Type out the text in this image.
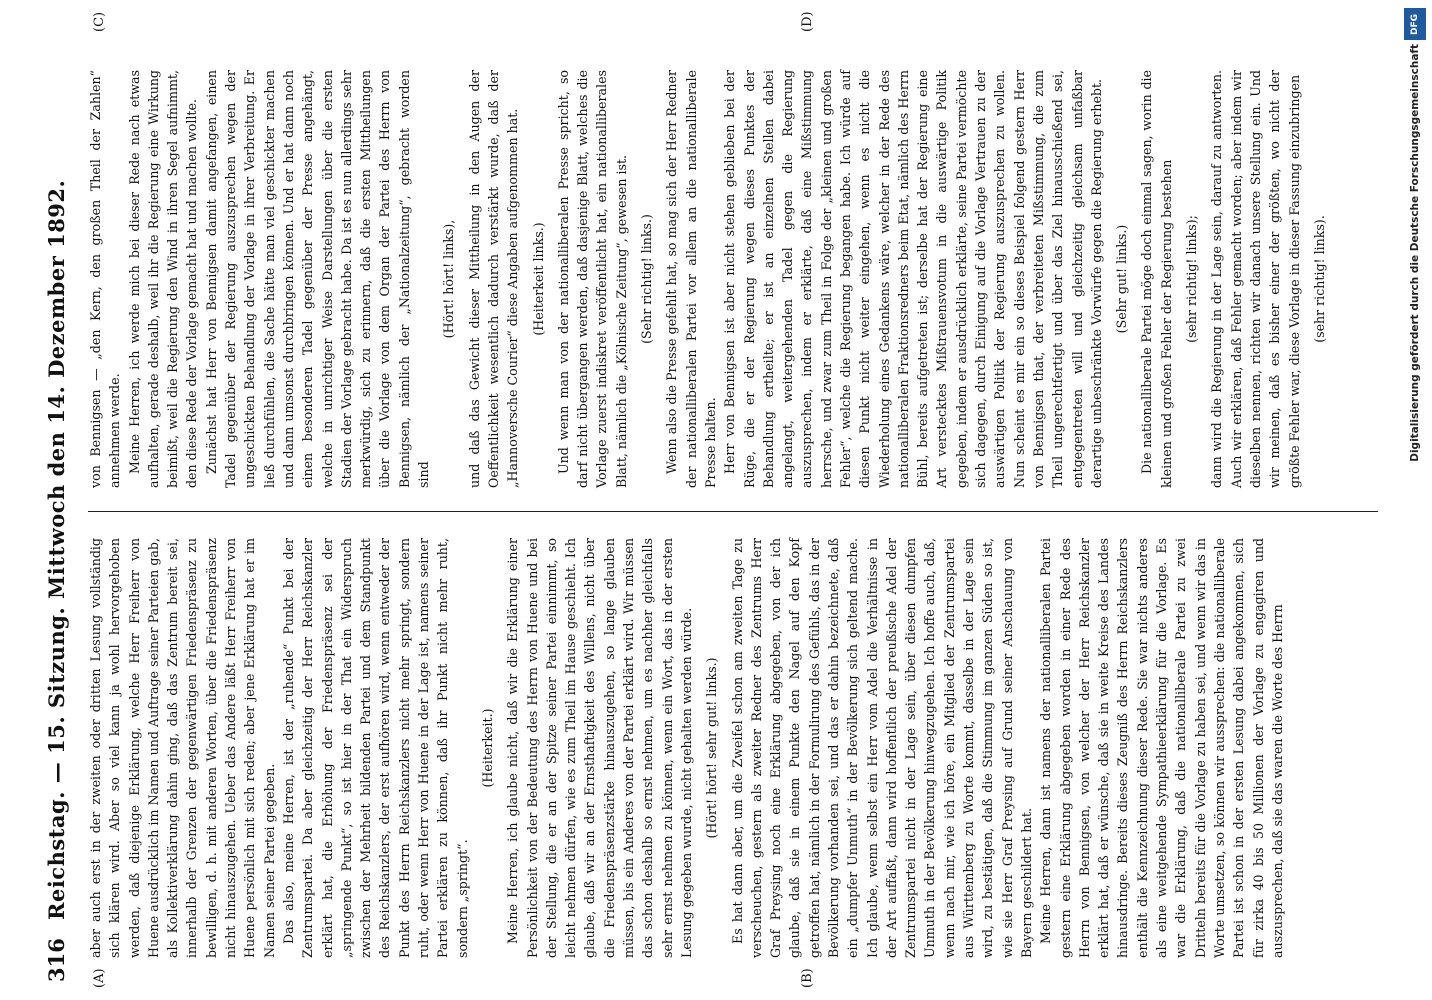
316
Reichstag. — 15. Sitzung. Mittwoch den 14. Dezember 1892.
(A)	(B)
(C)	(D)

aber auch erst in der zweiten oder dritten Lesung vollständig sich klären wird. Aber so viel kann ja wohl hervorgehoben werden, daß diejenige Erklärung, welche Herr Freiherr von Huene ausdrücklich im Namen und Auftrage seiner Parteien gab, als Kollektiverklärung dahin ging, daß das Zentrum bereit sei, innerhalb der Grenzen der gegenwärtigen Friedenspräsenz zu bewilligen, d. h. mit anderen Worten, über die Friedenspräsenz nicht hinauszugehen. Ueber das Andere läßt Herr Freiherr von Huene persönlich mit sich reden; aber jene Erklärung hat er im Namen seiner Partei gegeben. Das also, meine Herren, ist der „ruhende“ Punkt bei der Zentrumspartei. Da aber gleichzeitig der Herr Reichskanzler erklärt hat, die Erhöhung der Friedenspräsenz sei der „springende Punkt“, so ist hier in der That ein Widerspruch zwischen der Mehrheit bildenden Partei und dem Standpunkt des Reichskanzlers, der erst aufhören wird, wenn entweder der Punkt des Herrn Reichskanzlers nicht mehr springt, sondern ruht, oder wenn Herr von Huene in der Lage ist, namens seiner Partei erklären zu können, daß ihr Punkt nicht mehr ruht, sondern „springt“.

(Heiterkeit.) Meine Herren, ich glaube nicht, daß wir die Erklärung einer Persönlichkeit von der Bedeutung des Herrn von Huene und bei der Stellung, die er an der Spitze seiner Partei einnimmt, so leicht nehmen dürfen, wie es zum Theil im Hause geschieht. Ich glaube, daß wir an der Ernsthaftigkeit des Willens, nicht über die Friedenspräsenzstärke hinauszugehen, so lange glauben müssen, bis ein Anderes von der Partei erklärt wird. Wir müssen das schon deshalb so ernst nehmen, um es nachher gleichfalls sehr ernst nehmen zu können, wenn ein Wort, das in der ersten Lesung gegeben wurde, nicht gehalten werden würde. (Hört! hört! sehr gut! links.) Es hat dann aber, um die Zweifel schon am zweiten Tage zu verscheuchen, gestern als zweiter Redner des Zentrums Herr Graf Preysing noch eine Erklärung abgegeben, von der ich glaube, daß sie in einem Punkte den Nagel auf den Kopf getroffen hat, nämlich in der Formulirung des Gefühls, das in der Bevölkerung vorhanden sei, und das er dahin bezeichnete, daß ein „dumpfer Unmuth“ in der Bevölkerung sich geltend mache. Ich glaube, wenn selbst ein Herr vom Adel die Verhältnisse in der Art auffaßt, dann wird hoffentlich der preußische Adel der Zentrumspartei nicht in der Lage sein, über diesen dumpfen Unmuth in der Bevölkerung hinwegzugehen. Ich hoffe auch, daß, wenn nach mir, wie ich höre, ein Mitglied der Zentrumspartei aus Württemberg zu Worte kommt, dasselbe in der Lage sein wird, zu bestätigen, daß die Stimmung im ganzen Süden so ist, wie sie Herr Graf Preysing auf Grund seiner Anschauung von Bayern geschildert hat. Meine Herren, dann ist namens der nationalliberalen Partei gestern eine Erklärung abgegeben worden in einer Rede des Herrn von Bennigsen, von welcher der Herr Reichskanzler erklärt hat, daß er wünsche, daß sie in weite Kreise des Landes hinausdringe. Bereits dieses Zeugniß des Herrn Reichskanzlers enthält die Kennzeichnung dieser Rede. Sie war nichts anderes als eine weitgehende Sympathieerklärung für die Vorlage. Es war die Erklärung, daß die nationalliberale Partei zu zwei Dritteln bereits für die Vorlage zu haben sei, und wenn wir das in Worte umsetzen, so können wir aussprechen: die nationalliberale Partei ist schon in der ersten Lesung dabei angekommen, sich für zirka 40 bis 50 Millionen der Vorlage zu engagiren und auszusprechen, daß sie das waren die Worte des Herrn

von Bennigsen — „den Kern, den großen Theil der Zahlen“ annehmen werde. Meine Herren, ich werde mich bei dieser Rede nach etwas aufhalten, gerade deshalb, weil ihr die Regierung eine Wirkung beimißt, weil die Regierung den Wind in ihren Segel aufnimmt, den diese Rede der Vorlage gemacht hat und machen wollte. Zunächst hat Herr von Bennigsen damit angefangen, einen Tadel gegenüber der Regierung auszusprechen wegen der ungeschickten Behandlung der Vorlage in ihrer Verbreitung. Er ließ durchfühlen, die Sache hätte man viel geschickter machen und dann umsonst durchbringen können. Und er hat dann noch einen besonderen Tadel gegenüber der Presse angehängt, welche in unrichtiger Weise Darstellungen über die ersten Stadien der Vorlage gebracht habe. Da ist es nun allerdings sehr merkwürdig, sich zu erinnern, daß die ersten Mittheilungen über die Vorlage von dem Organ der Partei des Herrn von Bennigsen, nämlich der „Nationalzeitung“, gebracht worden sind

(Hört! hört! links), und daß das Gewicht dieser Mittheilung in den Augen der Oeffentlichkeit wesentlich dadurch verstärkt wurde, daß der „Hannoversche Courier“ diese Angaben aufgenommen hat. (Heiterkeit links.) Und wenn man von der nationalliberalen Presse spricht, so darf nicht übergangen werden, daß dasjenige Blatt, welches die Vorlage zuerst indiskret veröffentlicht hat, ein nationalliberales Blatt, nämlich die „Kölnische Zeitung“, gewesen ist. (Sehr richtig! links.) Wenn also die Presse gefehlt hat, so mag sich der Herr Redner der nationalliberalen Partei vor allem an die nationalliberale Presse halten. Herr von Bennigsen ist aber nicht stehen geblieben bei der Rüge, die er der Regierung wegen dieses Punktes der Behandlung ertheilte; er ist an einzelnen Stellen dabei angelangt, weitergehenden Tadel gegen die Regierung auszusprechen, indem er erklärte, daß eine Mißstimmung herrsche, und zwar zum Theil in Folge der „kleinen und großen Fehler“, welche die Regierung begangen habe. Ich würde auf diesen Punkt nicht weiter eingehen, wenn es nicht die Wiederholung eines Gedankens wäre, welcher in der Rede des nationalliberalen Fraktionsredners beim Etat, nämlich des Herrn Bühl, bereits aufgetreten ist; derselbe hat der Regierung eine Art verstecktes Mißtrauensvotum in die auswärtige Politik gegeben, indem er ausdrücklich erklärte, seine Partei vermöchte sich dagegen, durch Einigung auf die Vorlage Vertrauen zu der auswärtigen Politik der Regierung auszusprechen zu wollen. Nun scheint es mir ein so dieses Beispiel folgend gestern Herr von Bennigsen that, der verbreiteten Mißstimmung, die zum Theil ungerechtfertigt und über das Ziel hinausschießend sei, entgegentreten will und gleichzeitig gleichsam unfaßbar derartige unbeschränkte Vorwürfe gegen die Regierung erhebt. (Sehr gut! links.) Die nationalliberale Partei möge doch einmal sagen, worin die kleinen und großen Fehler der Regierung bestehen (sehr richtig! links); dann wird die Regierung in der Lage sein, darauf zu antworten. Auch wir erklären, daß Fehler gemacht worden; aber indem wir dieselben nennen, richten wir danach unsere Stellung ein. Und wir meinen, daß es bisher einer der größten, wo nicht der größte Fehler war, diese Vorlage in dieser Fassung einzubringen (sehr richtig! links).

DFG
Digitalisierung gefördert durch die Deutsche Forschungsgemeinschaft
